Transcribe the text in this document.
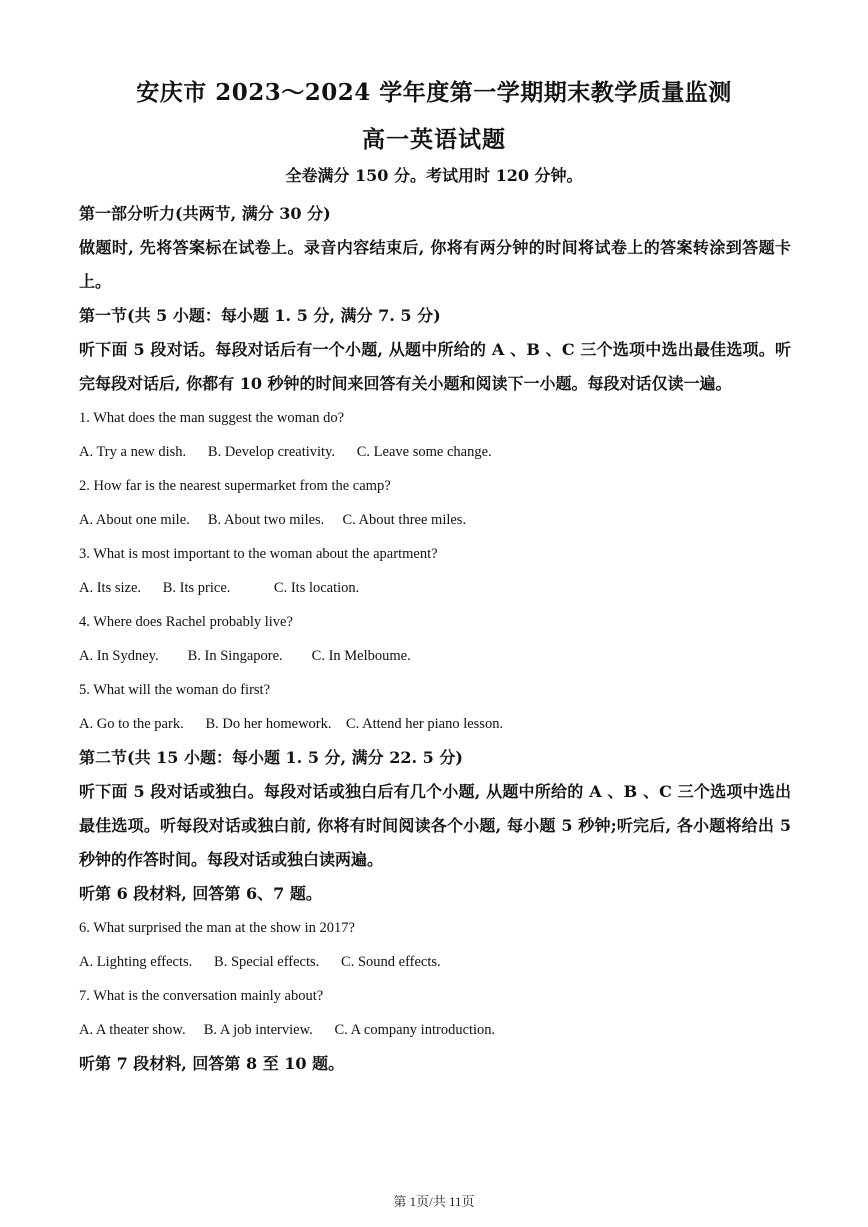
安庆市 2023～2024 学年度第一学期期末教学质量监测
高一英语试题
全卷满分 150 分。考试用时 120 分钟。

第一部分听力(共两节, 满分 30 分)

做题时, 先将答案标在试卷上。录音内容结束后, 你将有两分钟的时间将试卷上的答案转涂到答题卡上。

第一节(共 5 小题：每小题 1. 5 分, 满分 7. 5 分)

听下面 5 段对话。每段对话后有一个小题, 从题中所给的 A 、B 、C 三个选项中选出最佳选项。听完每段对话后, 你都有 10 秒钟的时间来回答有关小题和阅读下一小题。每段对话仅读一遍。

1. What does the man suggest the woman do?

A. Try a new dish. B. Develop creativity. C. Leave some change.

2. How far is the nearest supermarket from the camp?

A. About one mile. B. About two miles. C. About three miles.

3. What is most important to the woman about the apartment?

A. Its size. B. Its price.	C. Its location.

4. Where does Rachel probably live?

A. In Sydney. B. In Singapore. C. In Melboume.

5. What will the woman do first?

A. Go to the park. B. Do her homework. C. Attend her piano lesson.

第二节(共 15 小题：每小题 1. 5 分, 满分 22. 5 分)

听下面 5 段对话或独白。每段对话或独白后有几个小题, 从题中所给的 A 、B 、C 三个选项中选出最佳选项。听每段对话或独白前, 你将有时间阅读各个小题, 每小题 5 秒钟;听完后, 各小题将给出 5 秒钟的作答时间。每段对话或独白读两遍。

听第 6 段材料, 回答第 6、7 题。

6. What surprised the man at the show in 2017?

A. Lighting effects. B. Special effects. C. Sound effects.

7. What is the conversation mainly about?

A. A theater show. B. A job interview. C. A company introduction.

听第 7 段材料, 回答第 8 至 10 题。

第 1页/共 11页
